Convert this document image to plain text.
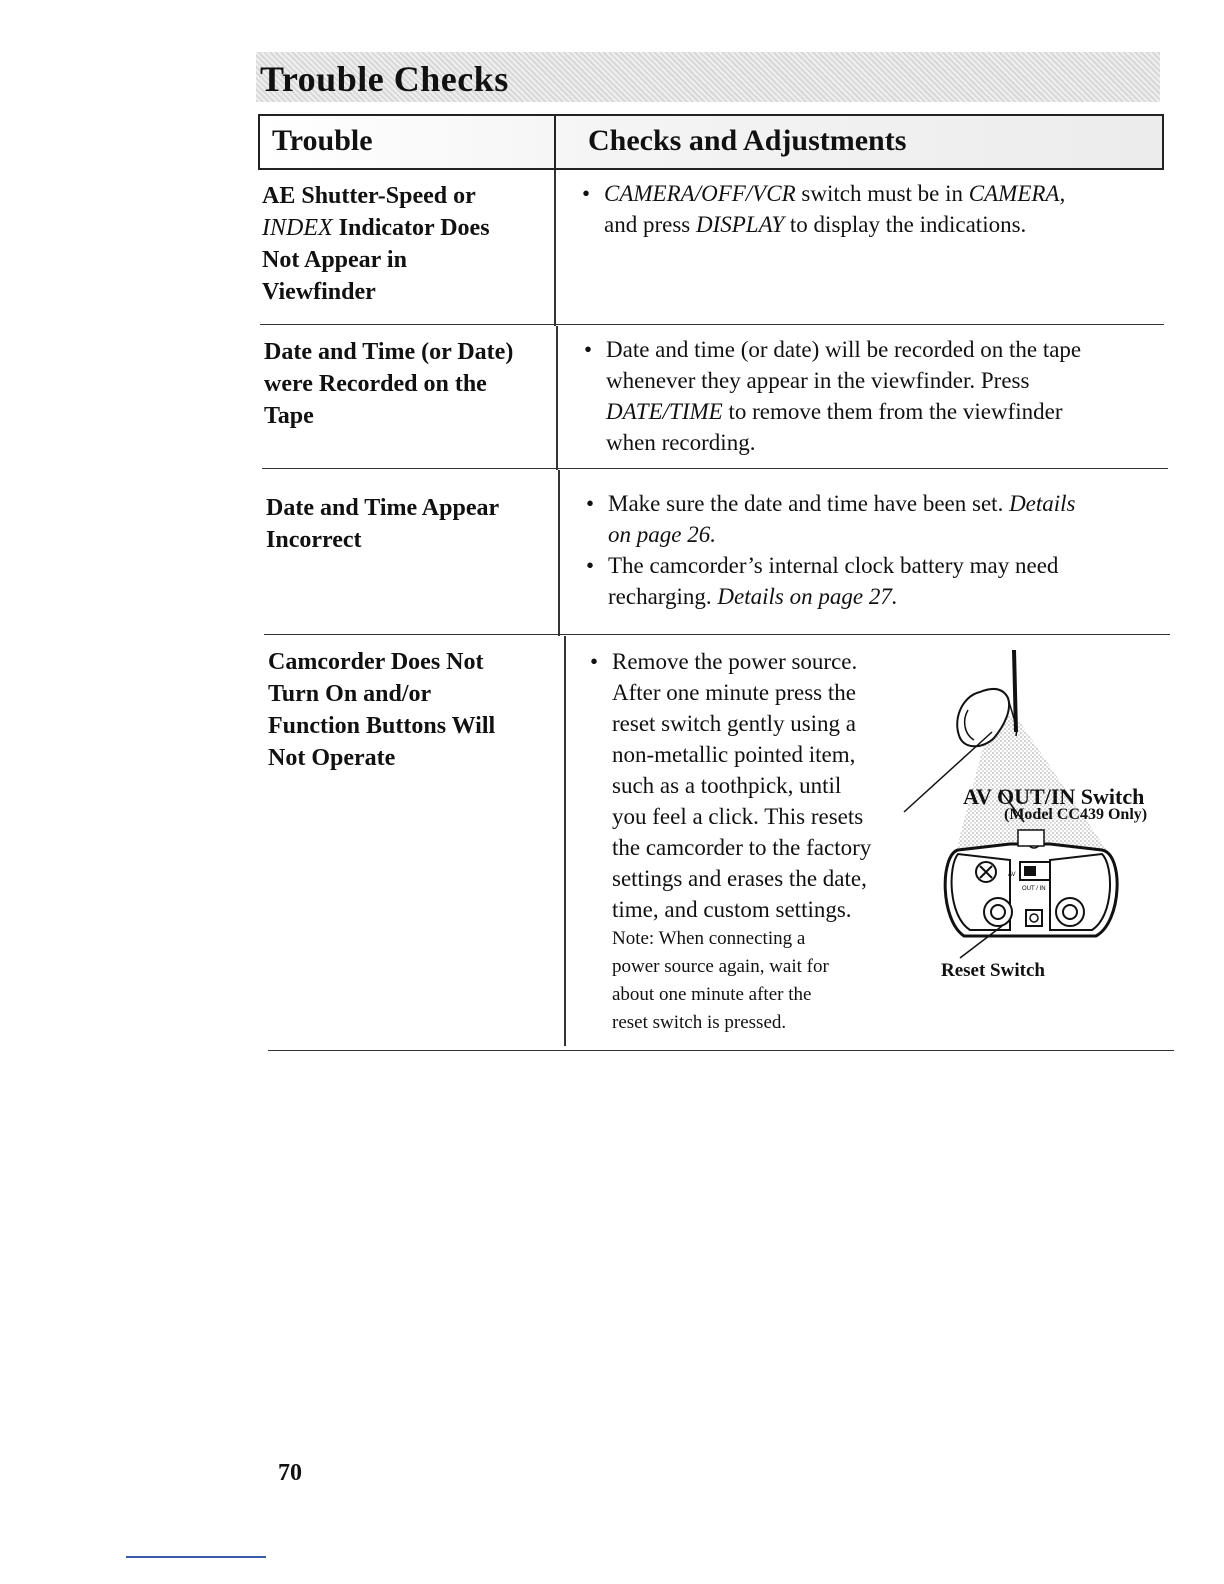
Trouble Checks
Trouble	Checks and Adjustments
AE Shutter-Speed or
INDEX Indicator Does
Not Appear in
Viewfinder
• CAMERA/OFF/VCR switch must be in CAMERA,
and press DISPLAY to display the indications.
Date and Time (or Date)
were Recorded on the
Tape
• Date and time (or date) will be recorded on the tape
whenever they appear in the viewfinder. Press
DATE/TIME to remove them from the viewfinder
when recording.
Date and Time Appear
Incorrect
• Make sure the date and time have been set. Details
on page 26.
• The camcorder’s internal clock battery may need
recharging. Details on page 27.
Camcorder Does Not
Turn On and/or
Function Buttons Will
Not Operate
• Remove the power source.
After one minute press the
reset switch gently using a
non-metallic pointed item,
such as a toothpick, until
you feel a click. This resets
the camcorder to the factory
settings and erases the date,
time, and custom settings.
Note: When connecting a
power source again, wait for
about one minute after the
reset switch is pressed.
AV
OUT / IN
AV OUT/IN Switch
(Model CC439 Only)
Reset Switch
70
